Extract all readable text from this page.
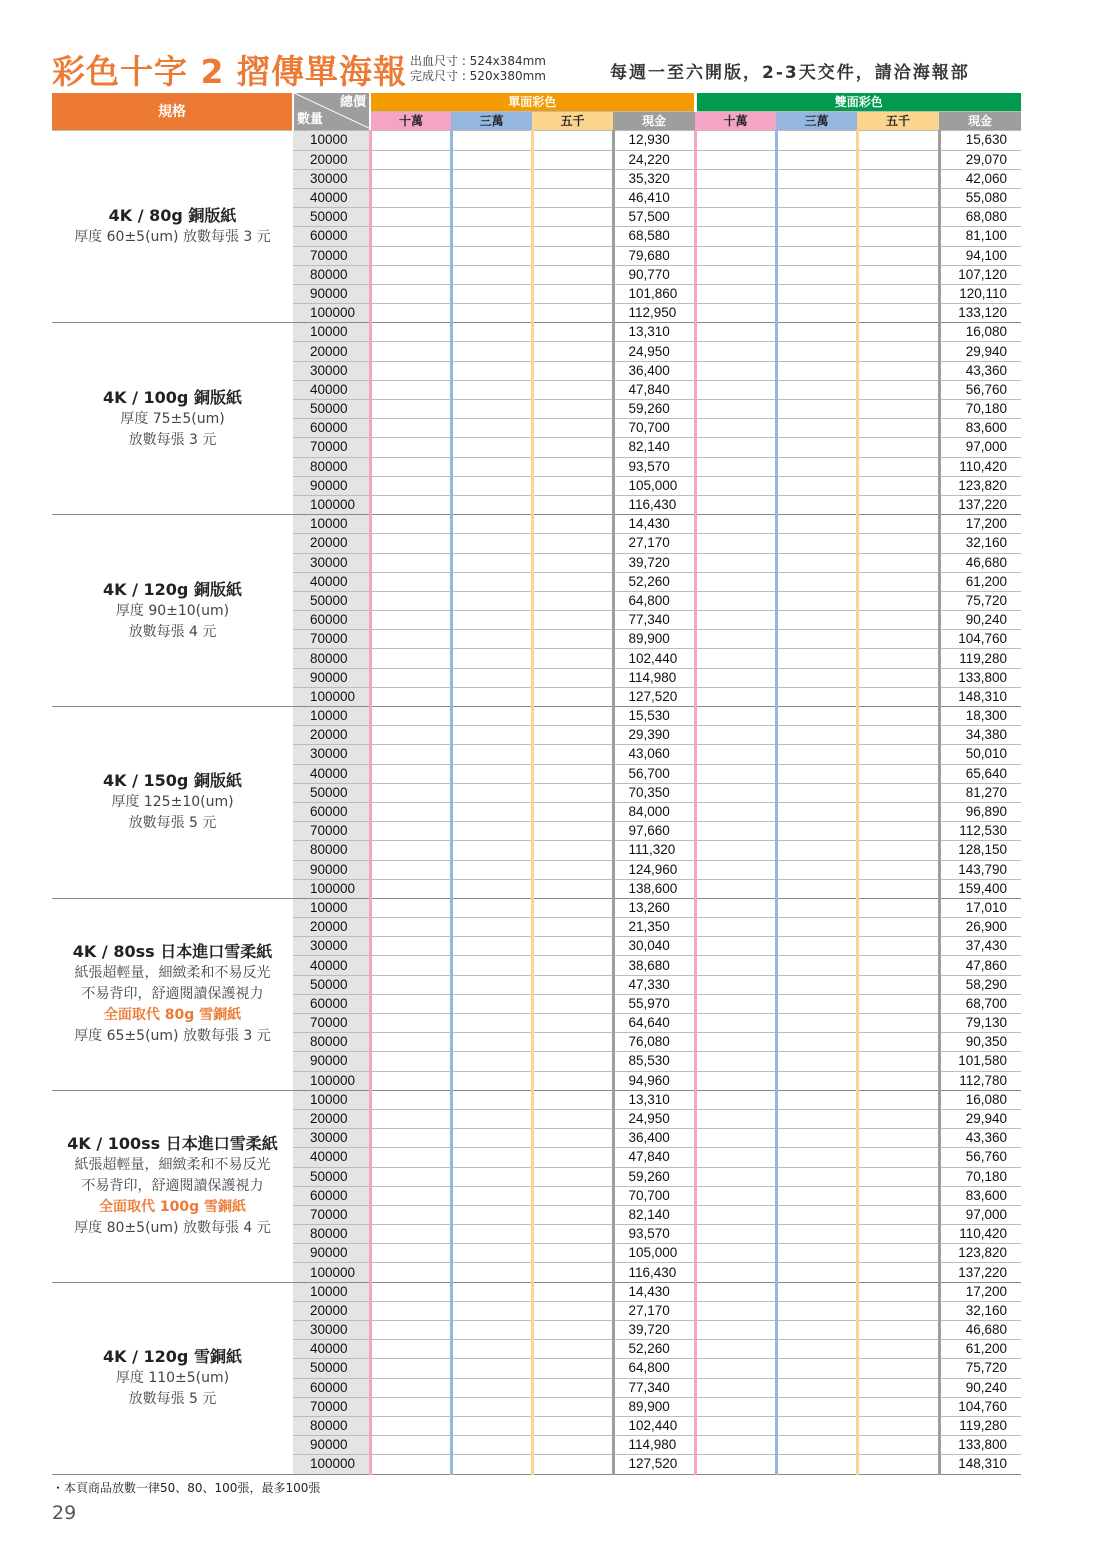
彩色十字 2 摺傳單海報 出血尺寸 : 524x384mm
完成尺寸 : 520x380mm	每週一至六開版，2-3天交件，請洽海報部
規格	總價
數量	單面彩色				雙面彩色			
		十萬	三萬	五千	現金	十萬	三萬	五千	現金

4K / 80g 銅版紙
厚度 60±5(um) 放數每張 3 元	10000				12,930				15,630
	20000				24,220				29,070
	30000				35,320				42,060
	40000				46,410				55,080
	50000				57,500				68,080
	60000				68,580				81,100
	70000				79,680				94,100
	80000				90,770				107,120
	90000				101,860				120,110
	100000				112,950				133,120

4K / 100g 銅版紙
厚度 75±5(um)
放數每張 3 元	10000				13,310				16,080
	20000				24,950				29,940
	30000				36,400				43,360
	40000				47,840				56,760
	50000				59,260				70,180
	60000				70,700				83,600
	70000				82,140				97,000
	80000				93,570				110,420
	90000				105,000				123,820
	100000				116,430				137,220

4K / 120g 銅版紙
厚度 90±10(um)
放數每張 4 元	10000				14,430				17,200
	20000				27,170				32,160
	30000				39,720				46,680
	40000				52,260				61,200
	50000				64,800				75,720
	60000				77,340				90,240
	70000				89,900				104,760
	80000				102,440				119,280
	90000				114,980				133,800
	100000				127,520				148,310

4K / 150g 銅版紙
厚度 125±10(um)
放數每張 5 元	10000				15,530				18,300
	20000				29,390				34,380
	30000				43,060				50,010
	40000				56,700				65,640
	50000				70,350				81,270
	60000				84,000				96,890
	70000				97,660				112,530
	80000				111,320				128,150
	90000				124,960				143,790
	100000				138,600				159,400

4K / 80ss 日本進口雪柔紙
紙張超輕量，細緻柔和不易反光
不易背印，舒適閱讀保護視力
全面取代 80g 雪銅紙
厚度 65±5(um) 放數每張 3 元	10000				13,260				17,010
	20000				21,350				26,900
	30000				30,040				37,430
	40000				38,680				47,860
	50000				47,330				58,290
	60000				55,970				68,700
	70000				64,640				79,130
	80000				76,080				90,350
	90000				85,530				101,580
	100000				94,960				112,780

4K / 100ss 日本進口雪柔紙
紙張超輕量，細緻柔和不易反光
不易背印，舒適閱讀保護視力
全面取代 100g 雪銅紙
厚度 80±5(um) 放數每張 4 元	10000				13,310				16,080
	20000				24,950				29,940
	30000				36,400				43,360
	40000				47,840				56,760
	50000				59,260				70,180
	60000				70,700				83,600
	70000				82,140				97,000
	80000				93,570				110,420
	90000				105,000				123,820
	100000				116,430				137,220

4K / 120g 雪銅紙
厚度 110±5(um)
放數每張 5 元	10000				14,430				17,200
	20000				27,170				32,160
	30000				39,720				46,680
	40000				52,260				61,200
	50000				64,800				75,720
	60000				77,340				90,240
	70000				89,900				104,760
	80000				102,440				119,280
	90000				114,980				133,800
	100000				127,520				148,310
・本頁商品放數一律50、80、100張，最多100張
29
